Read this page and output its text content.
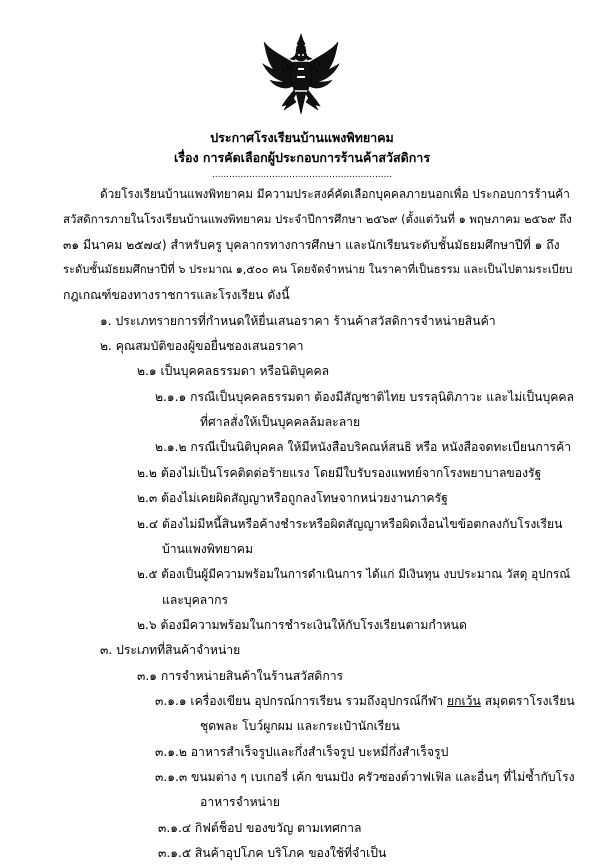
ประกาศโรงเรียนบ้านแพงพิทยาคม
เรื่อง การคัดเลือกผู้ประกอบการร้านค้าสวัสดิการ
...............................................................
ด้วยโรงเรียนบ้านแพงพิทยาคม มีความประสงค์คัดเลือกบุคคลภายนอกเพื่อ ประกอบการร้านค้า
สวัสดิการภายในโรงเรียนบ้านแพงพิทยาคม ประจำปีการศึกษา ๒๕๖๙ (ตั้งแต่วันที่ ๑ พฤษภาคม ๒๕๖๙ ถึง
๓๑ มีนาคม ๒๕๗๔) สำหรับครู บุคลากรทางการศึกษา และนักเรียนระดับชั้นมัธยมศึกษาปีที่ ๑ ถึง
ระดับชั้นมัธยมศึกษาปีที่ ๖ ประมาณ ๑,๕๐๐ คน โดยจัดจำหน่าย ในราคาที่เป็นธรรม และเป็นไปตามระเบียบ
กฎเกณฑ์ของทางราชการและโรงเรียน ดังนี้
๑. ประเภทรายการที่กำหนดให้ยื่นเสนอราคา ร้านค้าสวัสดิการจำหน่ายสินค้า
๒. คุณสมบัติของผู้ขอยื่นซองเสนอราคา
๒.๑ เป็นบุคคลธรรมดา หรือนิติบุคคล
๒.๑.๑ กรณีเป็นบุคคลธรรมดา ต้องมีสัญชาติไทย บรรลุนิติภาวะ และไม่เป็นบุคคล
ที่ศาลสั่งให้เป็นบุคคลล้มละลาย
๒.๑.๒ กรณีเป็นนิติบุคคล ให้มีหนังสือบริคณห์สนธิ หรือ หนังสือจดทะเบียนการค้า
๒.๒ ต้องไม่เป็นโรคติดต่อร้ายแรง โดยมีใบรับรองแพทย์จากโรงพยาบาลของรัฐ
๒.๓ ต้องไม่เคยผิดสัญญาหรือถูกลงโทษจากหน่วยงานภาครัฐ
๒.๔ ต้องไม่มีหนี้สินหรือค้างชำระหรือผิดสัญญาหรือผิดเงื่อนไขข้อตกลงกับโรงเรียน
บ้านแพงพิทยาคม
๒.๕ ต้องเป็นผู้มีความพร้อมในการดำเนินการ ได้แก่ มีเงินทุน งบประมาณ วัสดุ อุปกรณ์
และบุคลากร
๒.๖ ต้องมีความพร้อมในการชำระเงินให้กับโรงเรียนตามกำหนด
๓. ประเภทที่สินค้าจำหน่าย
๓.๑ การจำหน่ายสินค้าในร้านสวัสดิการ
๓.๑.๑ เครื่องเขียน อุปกรณ์การเรียน รวมถึงอุปกรณ์กีฬา ยกเว้น สมุดตราโรงเรียน
ชุดพละ โบว์ผูกผม และกระเป๋านักเรียน
๓.๑.๒ อาหารสำเร็จรูปและกึ่งสำเร็จรูป บะหมี่กึ่งสำเร็จรูป
๓.๑.๓ ขนมต่าง ๆ เบเกอรี่ เค้ก ขนมปัง ครัวซองต์วาฟเฟิล และอื่นๆ ที่ไม่ซ้ำกับโรง
อาหารจำหน่าย
๓.๑.๔ กิฟต์ช็อป ของขวัญ ตามเทศกาล
๓.๑.๕ สินค้าอุปโภค บริโภค ของใช้ที่จำเป็น
